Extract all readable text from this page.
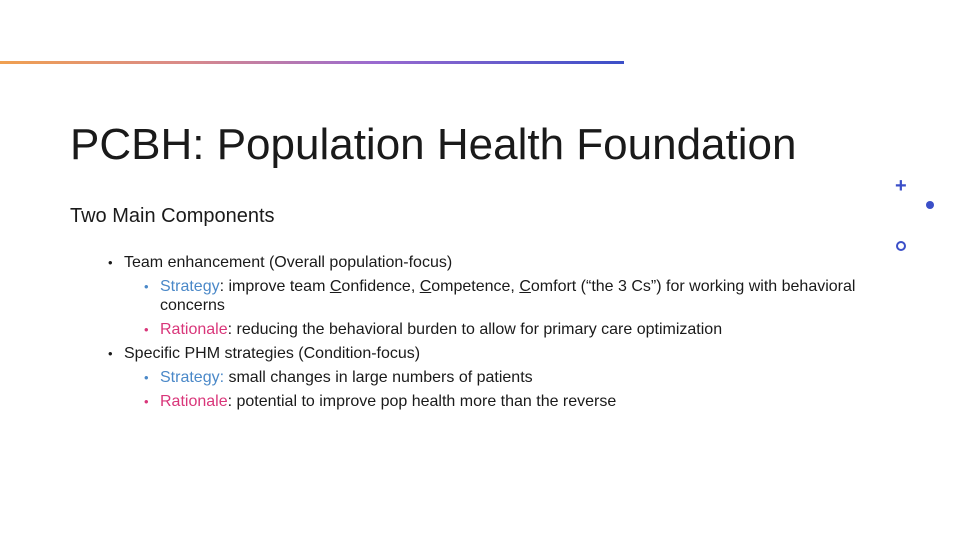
PCBH: Population Health Foundation
Two Main Components
• Team enhancement (Overall population-focus)
• Strategy: improve team Confidence, Competence, Comfort (“the 3 Cs”) for working with behavioral concerns
• Rationale: reducing the behavioral burden to allow for primary care optimization
• Specific PHM strategies (Condition-focus)
• Strategy: small changes in large numbers of patients
• Rationale: potential to improve pop health more than the reverse
+
